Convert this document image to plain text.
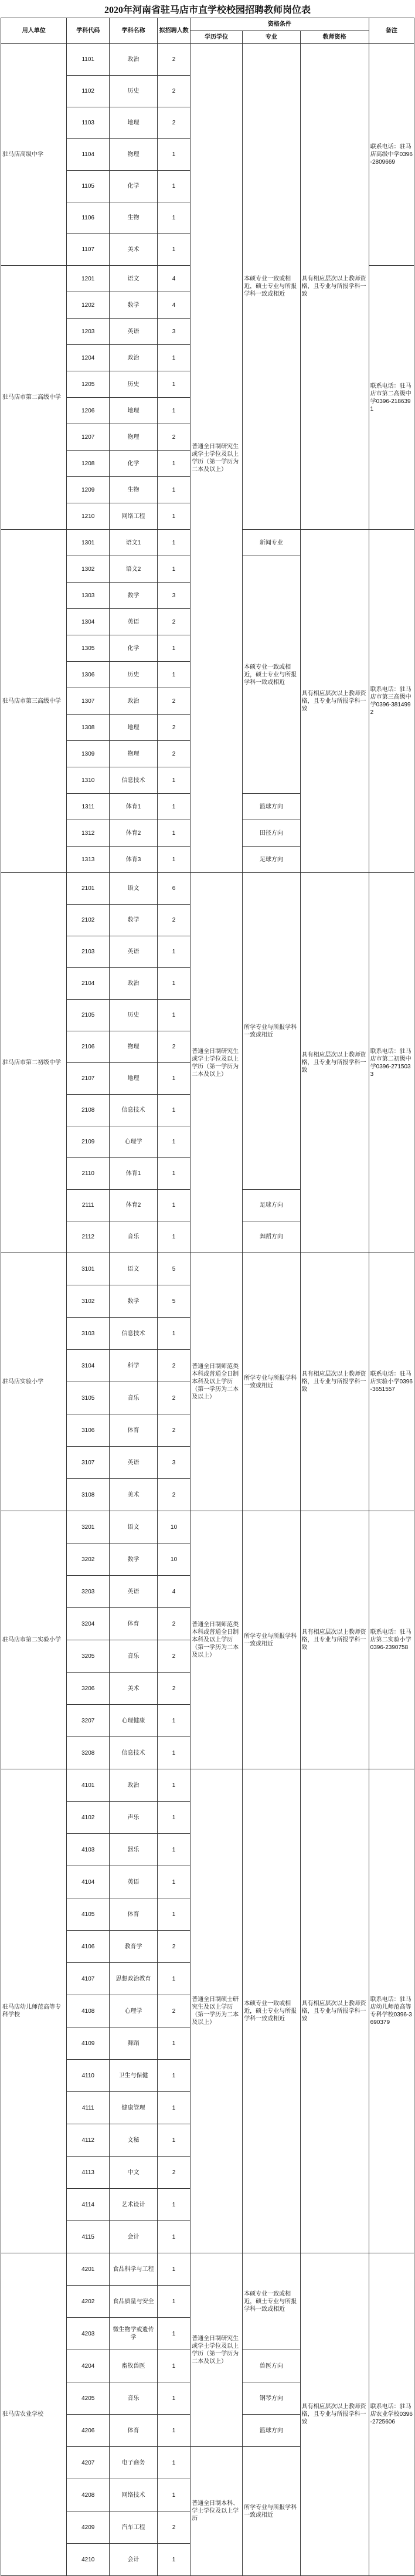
2020年河南省驻马店市直学校校园招聘教师岗位表
用人单位	学科代码	学科名称	拟招聘人数	资格条件			备注
				学历学位	专业	教师资格	
驻马店高级中学	1101	政治	2	普通全日制研究生或学士学位及以上学历（第一学历为二本及以上）	本硕专业一致或相近，硕士专业与所报学科一致或相近	具有相应层次以上教师资格，且专业与所报学科一致	联系电话：驻马店高级中学0396-2809669
	1102	历史	2				
	1103	地理	2				
	1104	物理	1				
	1105	化学	1				
	1106	生物	1				
	1107	美术	1				
驻马店市第二高级中学	1201	语文	4				联系电话：驻马店市第二高级中学0396-2186391
	1202	数学	4				
	1203	英语	3				
	1204	政治	1				
	1205	历史	1				
	1206	地理	1				
	1207	物理	2				
	1208	化学	1				
	1209	生物	1				
	1210	网络工程	1				
驻马店市第三高级中学	1301	语文1	1		新闻专业	具有相应层次以上教师资格，且专业与所报学科一致	联系电话：驻马店市第三高级中学0396-3814992
	1302	语文2	1		本硕专业一致或相近，硕士专业与所报学科一致或相近		
	1303	数学	3				
	1304	英语	2				
	1305	化学	1				
	1306	历史	1				
	1307	政治	2				
	1308	地理	2				
	1309	物理	2				
	1310	信息技术	1				
	1311	体育1	1		篮球方向		
	1312	体育2	1		田径方向		
	1313	体育3	1		足球方向		
驻马店市第二初级中学	2101	语文	6	普通全日制研究生或学士学位及以上学历（第一学历为二本及以上）	所学专业与所报学科一致或相近	具有相应层次以上教师资格，且专业与所报学科一致	联系电话：驻马店市第二初级中学0396-2715033
	2102	数学	2				
	2103	英语	1				
	2104	政治	1				
	2105	历史	1				
	2106	物理	2				
	2107	地理	1				
	2108	信息技术	1				
	2109	心理学	1				
	2110	体育1	1				
	2111	体育2	1		足球方向		
	2112	音乐	1		舞蹈方向		
驻马店实验小学	3101	语文	5	普通全日制师范类本科或普通全日制本科及以上学历（第一学历为二本及以上）	所学专业与所报学科一致或相近	具有相应层次以上教师资格，且专业与所报学科一致	联系电话：驻马店实验小学0396-3651557
	3102	数学	5				
	3103	信息技术	1				
	3104	科学	2				
	3105	音乐	2				
	3106	体育	2				
	3107	英语	3				
	3108	美术	2				
驻马店市第二实验小学	3201	语文	10	普通全日制师范类本科或普通全日制本科及以上学历（第一学历为二本及以上）	所学专业与所报学科一致或相近	具有相应层次以上教师资格，且专业与所报学科一致	联系电话：驻马店第二实验小学0396-2390758
	3202	数学	10				
	3203	英语	4				
	3204	体育	2				
	3205	音乐	2				
	3206	美术	2				
	3207	心理健康	1				
	3208	信息技术	1				
驻马店幼儿师范高等专科学校	4101	政治	1	普通全日制硕士研究生及以上学历（第一学历为二本及以上）	本硕专业一致或相近，硕士专业与所报学科一致或相近	具有相应层次以上教师资格，且专业与所报学科一致	联系电话：驻马店幼儿师范高等专科学校0396-3690379
	4102	声乐	1				
	4103	器乐	1				
	4104	英语	1				
	4105	体育	1				
	4106	教育学	2				
	4107	思想政治教育	1				
	4108	心理学	2				
	4109	舞蹈	1				
	4110	卫生与保健	1				
	4111	健康管理	1				
	4112	文秘	1				
	4113	中文	2				
	4114	艺术设计	1				
	4115	会计	1				
驻马店农业学校	4201	食品科学与工程	1	普通全日制研究生或学士学位及以上学历（第一学历为二本及以上）	本硕专业一致或相近，硕士专业与所报学科一致或相近	具有相应层次以上教师资格，且专业与所报学科一致	联系电话：驻马店农业学校0396-2725606
	4202	食品质量与安全	1				
	4203	微生物学或遗传学	1				
	4204	畜牧兽医	1		兽医方向		
	4205	音乐	1		钢琴方向		
	4206	体育	1		篮球方向		
	4207	电子商务	1	普通全日制本科、学士学位及以上学历	所学专业与所报学科一致或相近		
	4208	网络技术	1				
	4209	汽车工程	2				
	4210	会计	1				
